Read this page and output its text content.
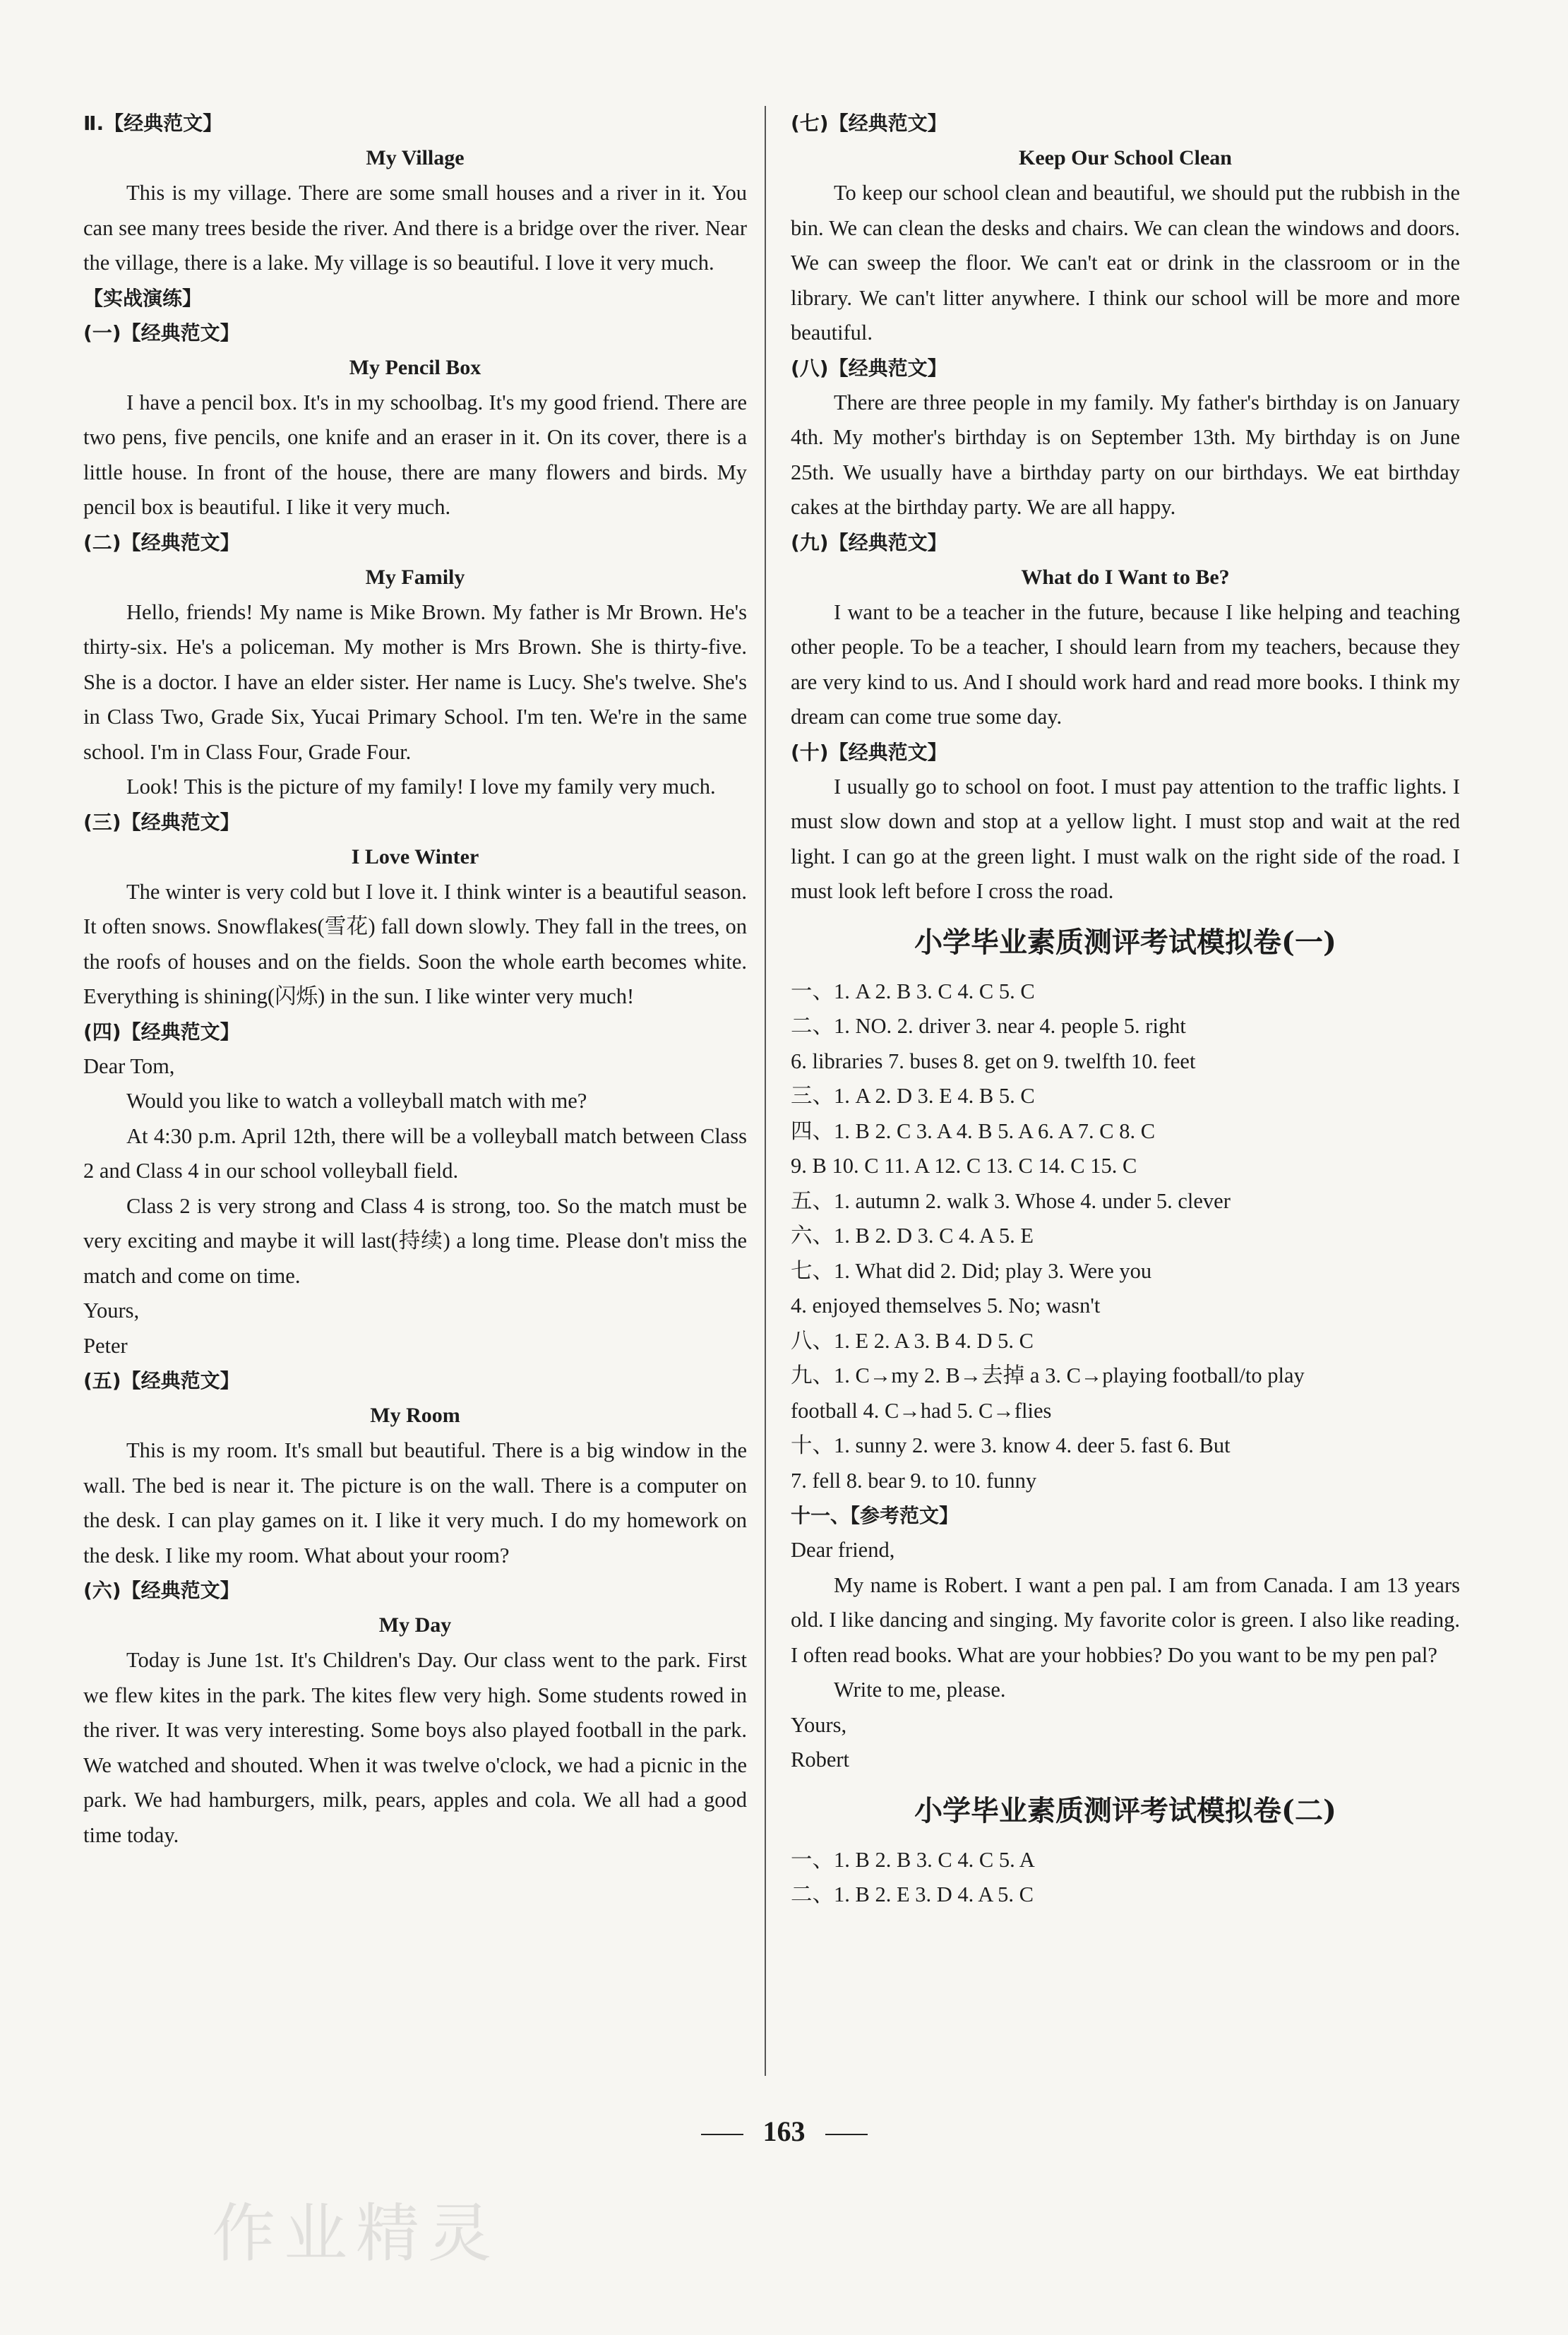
Ⅱ.【经典范文】
My Village

This is my village. There are some small houses and a river in it. You can see many trees beside the river. And there is a bridge over the river. Near the village, there is a lake. My village is so beautiful. I love it very much.

【实战演练】
(一)【经典范文】
My Pencil Box

I have a pencil box. It's in my schoolbag. It's my good friend. There are two pens, five pencils, one knife and an eraser in it. On its cover, there is a little house. In front of the house, there are many flowers and birds. My pencil box is beautiful. I like it very much.

(二)【经典范文】
My Family

Hello, friends! My name is Mike Brown. My father is Mr Brown. He's thirty-six. He's a policeman. My mother is Mrs Brown. She is thirty-five. She is a doctor. I have an elder sister. Her name is Lucy. She's twelve. She's in Class Two, Grade Six, Yucai Primary School. I'm ten. We're in the same school. I'm in Class Four, Grade Four.

Look! This is the picture of my family! I love my family very much.

(三)【经典范文】
I Love Winter

The winter is very cold but I love it. I think winter is a beautiful season. It often snows. Snowflakes(雪花) fall down slowly. They fall in the trees, on the roofs of houses and on the fields. Soon the whole earth becomes white. Everything is shining(闪烁) in the sun. I like winter very much!

(四)【经典范文】

Dear Tom,

Would you like to watch a volleyball match with me?

At 4:30 p.m. April 12th, there will be a volleyball match between Class 2 and Class 4 in our school volleyball field.

Class 2 is very strong and Class 4 is strong, too. So the match must be very exciting and maybe it will last(持续) a long time. Please don't miss the match and come on time.

Yours,

Peter

(五)【经典范文】
My Room

This is my room. It's small but beautiful. There is a big window in the wall. The bed is near it. The picture is on the wall. There is a computer on the desk. I can play games on it. I like it very much. I do my homework on the desk. I like my room. What about your room?

(六)【经典范文】
My Day

Today is June 1st. It's Children's Day. Our class went to the park. First we flew kites in the park. The kites flew very high. Some students rowed in the river. It was very interesting. Some boys also played football in the park. We watched and shouted. When it was twelve o'clock, we had a picnic in the park. We had hamburgers, milk, pears, apples and cola. We all had a good time today.

(七)【经典范文】
Keep Our School Clean

To keep our school clean and beautiful, we should put the rubbish in the bin. We can clean the desks and chairs. We can clean the windows and doors. We can sweep the floor. We can't eat or drink in the classroom or in the library. We can't litter anywhere. I think our school will be more and more beautiful.

(八)【经典范文】

There are three people in my family. My father's birthday is on January 4th. My mother's birthday is on September 13th. My birthday is on June 25th. We usually have a birthday party on our birthdays. We eat birthday cakes at the birthday party. We are all happy.

(九)【经典范文】
What do I Want to Be?

I want to be a teacher in the future, because I like helping and teaching other people. To be a teacher, I should learn from my teachers, because they are very kind to us. And I should work hard and read more books. I think my dream can come true some day.

(十)【经典范文】

I usually go to school on foot. I must pay attention to the traffic lights. I must slow down and stop at a yellow light. I must stop and wait at the red light. I can go at the green light. I must walk on the right side of the road. I must look left before I cross the road.

小学毕业素质测评考试模拟卷(一)

一、1. A 2. B 3. C 4. C 5. C

二、1. NO. 2. driver 3. near 4. people 5. right

6. libraries 7. buses 8. get on 9. twelfth 10. feet

三、1. A 2. D 3. E 4. B 5. C

四、1. B 2. C 3. A 4. B 5. A 6. A 7. C 8. C

9. B 10. C 11. A 12. C 13. C 14. C 15. C

五、1. autumn 2. walk 3. Whose 4. under 5. clever

六、1. B 2. D 3. C 4. A 5. E

七、1. What did 2. Did; play 3. Were you

4. enjoyed themselves 5. No; wasn't

八、1. E 2. A 3. B 4. D 5. C

九、1. C→my 2. B→去掉 a 3. C→playing football/to play

football 4. C→had 5. C→flies

十、1. sunny 2. were 3. know 4. deer 5. fast 6. But

7. fell 8. bear 9. to 10. funny

十一、【参考范文】

Dear friend,

My name is Robert. I want a pen pal. I am from Canada. I am 13 years old. I like dancing and singing. My favorite color is green. I also like reading. I often read books. What are your hobbies? Do you want to be my pen pal?

Write to me, please.

Yours,

Robert

小学毕业素质测评考试模拟卷(二)

一、1. B 2. B 3. C 4. C 5. A

二、1. B 2. E 3. D 4. A 5. C

163
作业精灵
